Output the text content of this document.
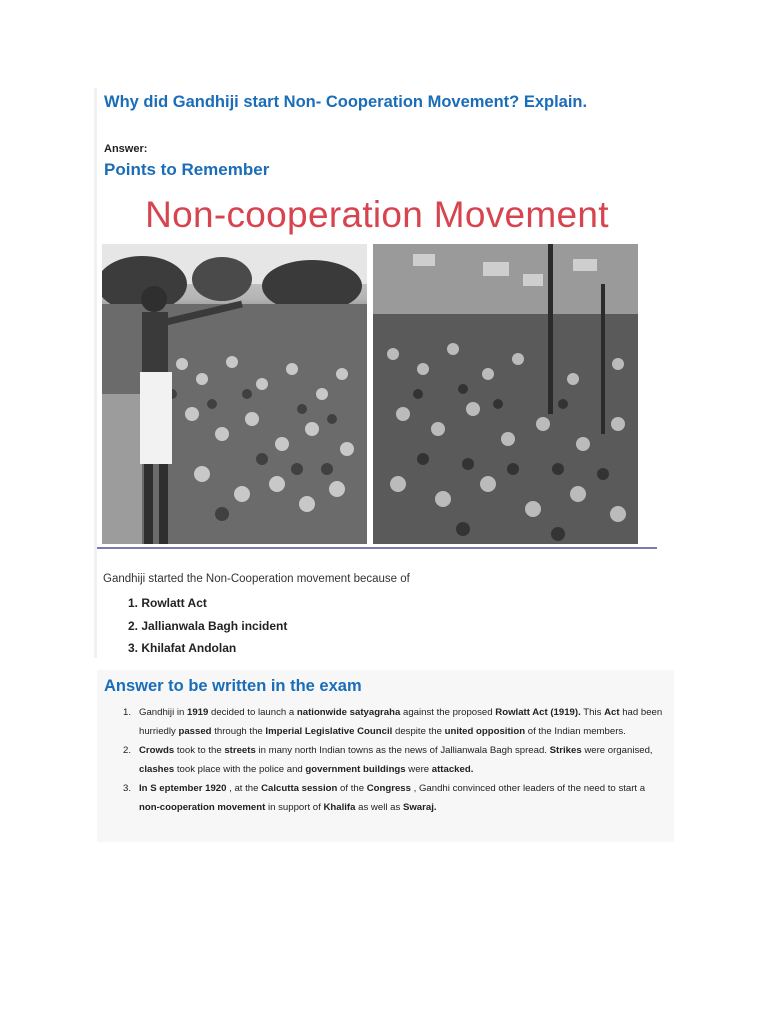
Why did Gandhiji start Non- Cooperation Movement? Explain.
Answer:
Points to Remember
Non-cooperation Movement
Gandhiji started the Non-Cooperation movement because of
1. Rowlatt Act
2. Jallianwala Bagh incident
3. Khilafat Andolan
Answer to be written in the exam
1. Gandhiji in 1919 decided to launch a nationwide satyagraha against the proposed Rowlatt Act (1919). This Act had been hurriedly passed through the Imperial Legislative Council despite the united opposition of the Indian members.
2. Crowds took to the streets in many north Indian towns as the news of Jallianwala Bagh spread. Strikes were organised, clashes took place with the police and government buildings were attacked.
3. In S eptember 1920 , at the Calcutta session of the Congress , Gandhi convinced other leaders of the need to start a non-cooperation movement in support of Khalifa as well as Swaraj.
